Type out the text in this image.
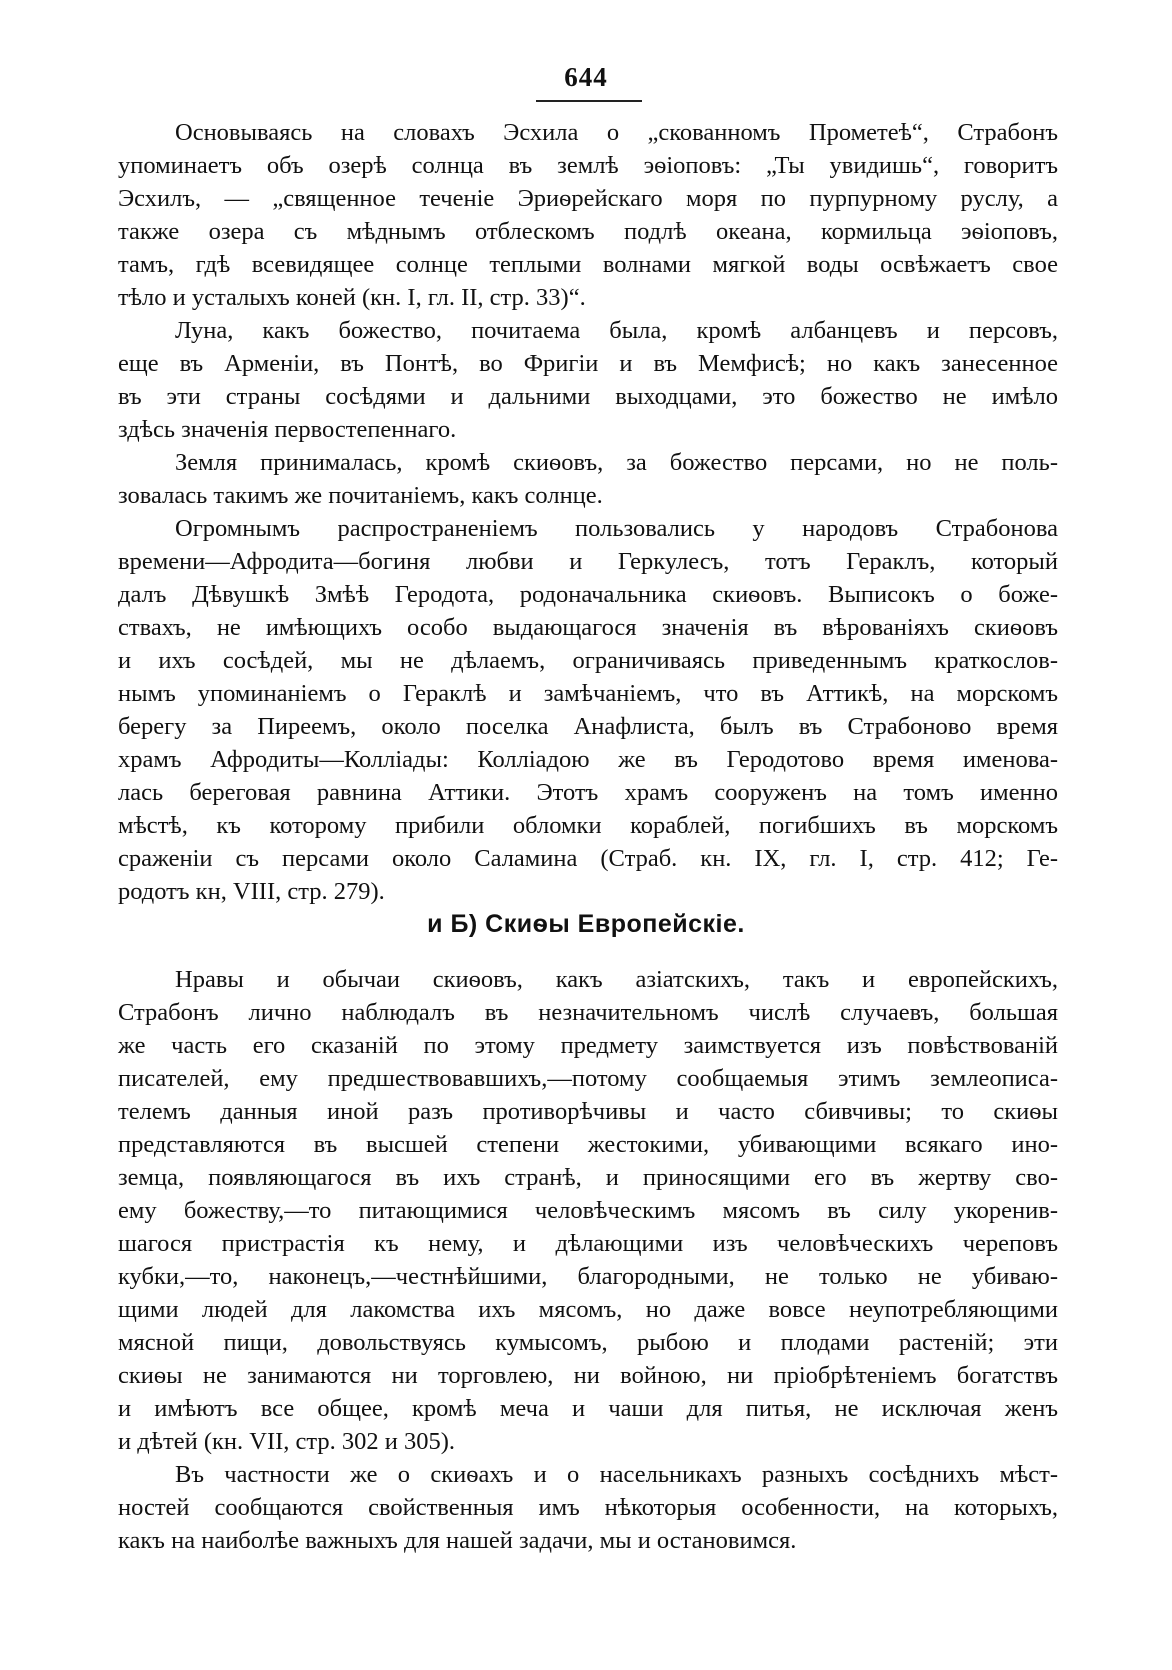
644
Основываясь на словахъ Эсхила о „скованномъ Прометеѣ“, Страбонъ
упоминаетъ объ озерѣ солнца въ землѣ эѳіоповъ: „Ты увидишь“, говоритъ
Эсхилъ, — „священное теченіе Эриѳрейскаго моря по пурпурному руслу, а
также озера съ мѣднымъ отблескомъ подлѣ океана, кормильца эѳіоповъ,
тамъ, гдѣ всевидящее солнце теплыми волнами мягкой воды освѣжаетъ свое
тѣло и усталыхъ коней (кн. I, гл. II, стр. 33)“.
Луна, какъ божество, почитаема была, кромѣ албанцевъ и персовъ,
еще въ Арменіи, въ Понтѣ, во Фригіи и въ Мемфисѣ; но какъ занесенное
въ эти страны сосѣдями и дальними выходцами, это божество не имѣло
здѣсь значенія первостепеннаго.
Земля принималась, кромѣ скиѳовъ, за божество персами, но не поль-
зовалась такимъ же почитаніемъ, какъ солнце.
Огромнымъ распространеніемъ пользовались у народовъ Страбонова
времени—Афродита—богиня любви и Геркулесъ, тотъ Гераклъ, который
далъ Дѣвушкѣ Змѣѣ Геродота, родоначальника скиѳовъ. Выписокъ о боже-
ствахъ, не имѣющихъ особо выдающагося значенія въ вѣрованіяхъ скиѳовъ
и ихъ сосѣдей, мы не дѣлаемъ, ограничиваясь приведеннымъ краткослов-
нымъ упоминаніемъ о Гераклѣ и замѣчаніемъ, что въ Аттикѣ, на морскомъ
берегу за Пиреемъ, около поселка Анафлиста, былъ въ Страбоново время
храмъ Афродиты—Колліады: Колліадою же въ Геродотово время именова-
лась береговая равнина Аттики. Этотъ храмъ сооруженъ на томъ именно
мѣстѣ, къ которому прибили обломки кораблей, погибшихъ въ морскомъ
сраженіи съ персами около Саламина (Страб. кн. IX, гл. I, стр. 412; Ге-
родотъ кн, VIII, стр. 279).
и Б) Скиѳы Европейскіе.
Нравы и обычаи скиѳовъ, какъ азіатскихъ, такъ и европейскихъ,
Страбонъ лично наблюдалъ въ незначительномъ числѣ случаевъ, большая
же часть его сказаній по этому предмету заимствуется изъ повѣствованій
писателей, ему предшествовавшихъ,—потому сообщаемыя этимъ землеописа-
телемъ данныя иной разъ противорѣчивы и часто сбивчивы; то скиѳы
представляются въ высшей степени жестокими, убивающими всякаго ино-
земца, появляющагося въ ихъ странѣ, и приносящими его въ жертву сво-
ему божеству,—то питающимися человѣческимъ мясомъ въ силу укоренив-
шагося пристрастія къ нему, и дѣлающими изъ человѣческихъ череповъ
кубки,—то, наконецъ,—честнѣйшими, благородными, не только не убиваю-
щими людей для лакомства ихъ мясомъ, но даже вовсе неупотребляющими
мясной пищи, довольствуясь кумысомъ, рыбою и плодами растеній; эти
скиѳы не занимаются ни торговлею, ни войною, ни пріобрѣтеніемъ богатствъ
и имѣютъ все общее, кромѣ меча и чаши для питья, не исключая женъ
и дѣтей (кн. VII, стр. 302 и 305).
Въ частности же о скиѳахъ и о насельникахъ разныхъ сосѣднихъ мѣст-
ностей сообщаются свойственныя имъ нѣкоторыя особенности, на которыхъ,
какъ на наиболѣе важныхъ для нашей задачи, мы и остановимся.
